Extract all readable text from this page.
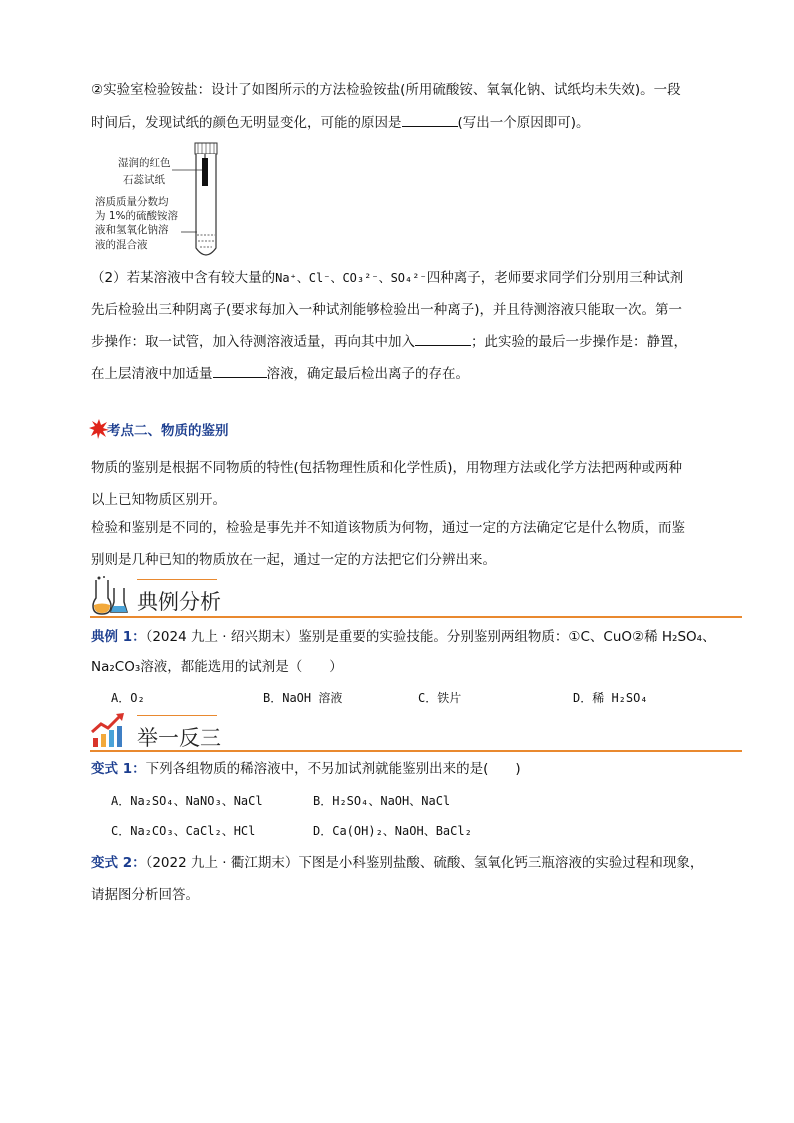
②实验室检验铵盐：设计了如图所示的方法检验铵盐(所用硫酸铵、氧氧化钠、试纸均未失效)。一段
时间后，发现试纸的颜色无明显变化，可能的原因是	(写出一个原因即可)。
湿润的红色
石蕊试纸
溶质质量分数均
为 1%的硫酸铵溶
液和氢氧化钠溶
液的混合液
（2）若某溶液中含有较大量的Na⁺、Cl⁻、CO₃²⁻、SO₄²⁻四种离子，老师要求同学们分别用三种试剂
先后检验出三种阴离子(要求每加入一种试剂能够检验出一种离子)，并且待测溶液只能取一次。第一
步操作：取一试管，加入待测溶液适量，再向其中加入	；此实验的最后一步操作是：静置，
在上层清液中加适量	溶液，确定最后检出离子的存在。
考点二、物质的鉴别
物质的鉴别是根据不同物质的特性(包括物理性质和化学性质)，用物理方法或化学方法把两种或两种
以上已知物质区别开。
检验和鉴别是不同的，检验是事先并不知道该物质为何物，通过一定的方法确定它是什么物质，而鉴
别则是几种已知的物质放在一起，通过一定的方法把它们分辨出来。
典例分析
典例 1：（2024 九上 · 绍兴期末）鉴别是重要的实验技能。分别鉴别两组物质：①C、CuO②稀 H₂SO₄、
Na₂CO₃溶液，都能选用的试剂是（　　）
A．O₂	B．NaOH 溶液	C．铁片	D．稀 H₂SO₄
举一反三
变式 1：下列各组物质的稀溶液中，不另加试剂就能鉴别出来的是(　　)
A．Na₂SO₄、NaNO₃、NaCl	B．H₂SO₄、NaOH、NaCl
C．Na₂CO₃、CaCl₂、HCl	D．Ca(OH)₂、NaOH、BaCl₂
变式 2：（2022 九上 · 衢江期末）下图是小科鉴别盐酸、硫酸、氢氧化钙三瓶溶液的实验过程和现象，
请据图分析回答。
